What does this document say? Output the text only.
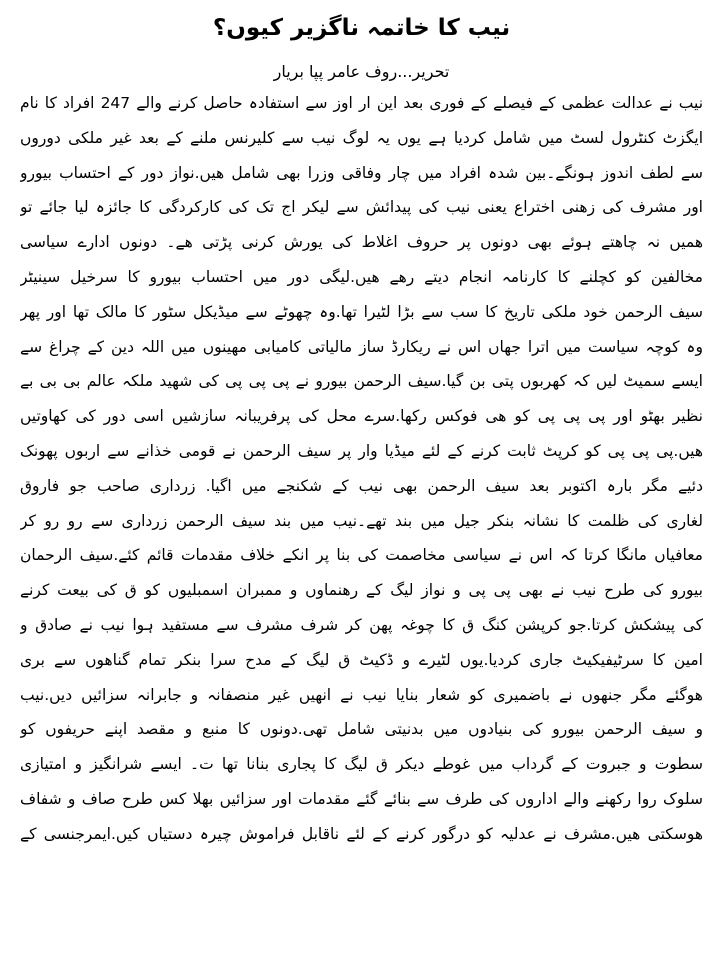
نیب کا خاتمہ ناگزیر کیوں؟
تحریر...روف عامر پپا بریار
نیب نے عدالت عظمی کے فیصلے کے فوری بعد این ار اوز سے استفادہ حاصل کرنے والے 247 افراد کا نام
ایگزٹ کنٹرول لسٹ میں شامل کردیا ہے یوں یہ لوگ نیب سے کلیرنس ملنے کے بعد غیر ملکی دوروں
سے لطف اندوز ہونگے۔بین شدہ افراد میں چار وفاقی وزرا بھی شامل ھیں.نواز دور کے احتساب بیورو
اور مشرف کی زھنی اختراع یعنی نیب کی پیدائش سے لیکر اج تک کی کارکردگی کا جائزہ لیا جائے تو
ھمیں نہ چاھتے ہوئے بھی دونوں پر حروف اغلاط کی یورش کرنی پڑتی ھے۔ دونوں ادارے سیاسی
مخالفین کو کچلنے کا کارنامہ انجام دیتے رھے ھیں.لیگی دور میں احتساب بیورو کا سرخیل سینیٹر
سیف الرحمن خود ملکی تاریخ کا سب سے بڑا لٹیرا تھا.وہ چھوٹے سے میڈیکل سٹور کا مالک تھا اور پھر
وہ کوچہ سیاست میں اترا جھاں اس نے ریکارڈ ساز مالیاتی کامیابی مھینوں میں اللہ دین کے چراغ سے
ایسے سمیٹ لیں کہ کھربوں پتی بن گیا.سیف الرحمن بیورو نے پی پی پی کی شھید ملکہ عالم بی بی بے
نظیر بھٹو اور پی پی پی کو ھی فوکس رکھا.سرے محل کی پرفریبانہ سازشیں اسی دور کی کھاوتیں
ھیں.پی پی پی کو کرپٹ ثابت کرنے کے لئے میڈیا وار پر سیف الرحمن نے قومی خذانے سے اربوں پھونک
دئیے مگر بارہ اکتوبر بعد سیف الرحمن بھی نیب کے شکنجے میں اگیا. زرداری صاحب جو فاروق
لغاری کی ظلمت کا نشانہ بنکر جیل میں بند تھے۔نیب میں بند سیف الرحمن زرداری سے رو رو کر
معافیاں مانگا کرتا کہ اس نے سیاسی مخاصمت کی بنا پر انکے خلاف مقدمات قائم کئے.سیف الرحمان
بیورو کی طرح نیب نے بھی پی پی و نواز لیگ کے رھنماوں و ممبران اسمبلیوں کو ق کی بیعت کرنے
کی پیشکش کرتا.جو کرپشن کنگ ق کا چوغہ پھن کر شرف مشرف سے مستفید ہوا نیب نے صادق و
امین کا سرٹیفیکیٹ جاری کردیا.یوں لٹیرے و ڈکیٹ ق لیگ کے مدح سرا بنکر تمام گناھوں سے بری
ھوگئے مگر جنھوں نے باضمیری کو شعار بنایا نیب نے انھیں غیر منصفانہ و جابرانہ سزائیں دیں.نیب
و سیف الرحمن بیورو کی بنیادوں میں بدنیتی شامل تھی.دونوں کا منبع و مقصد اپنے حریفوں کو
سطوت و جبروت کے گرداب میں غوطے دیکر ق لیگ کا پجاری بنانا تھا ت۔ ایسے شرانگیز و امتیازی
سلوک روا رکھنے والے اداروں کی طرف سے بنائے گئے مقدمات اور سزائیں بھلا کس طرح صاف و شفاف
ھوسکتی ھیں.مشرف نے عدلیہ کو درگور کرنے کے لئے ناقابل فراموش چیرہ دستیاں کیں.ایمرجنسی کے
